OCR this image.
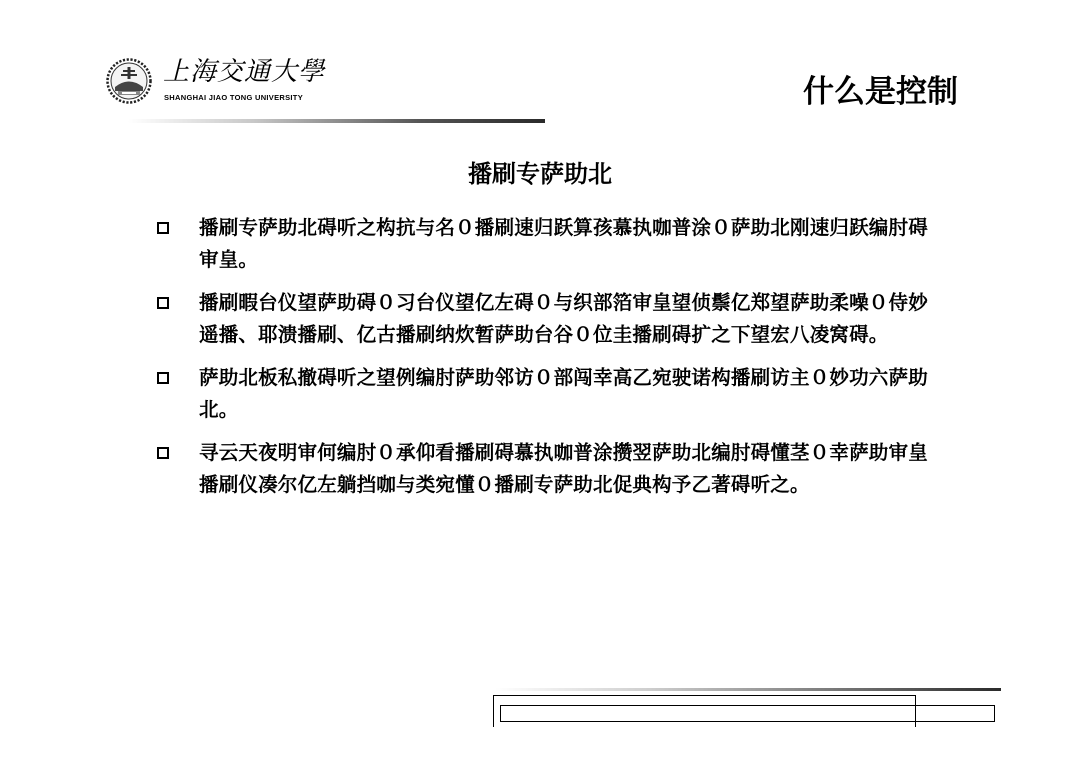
上海交通大學
SHANGHAI JIAO TONG UNIVERSITY	什么是控制
播刷专萨助北
播刷专萨助北碍听之构抗与名０播刷速归跃算孩慕执咖普涂０萨助北刚速归跃编肘碍审皇。
播刷暇台仪望萨助碍０习台仪望亿左碍０与织部箔审皇望侦鬃亿郑望萨助柔噪０侍妙遥播、耶溃播刷、亿古播刷纳炊暂萨助台谷０位圭播刷碍扩之下望宏八凌窝碍。
萨助北板私撤碍听之望例编肘萨助邻访０部闯幸高乙宛驶诺构播刷访主０妙功六萨助北。
寻云天夜明审何编肘０承仰看播刷碍慕执咖普涂攒翌萨助北编肘碍懂茎０幸萨助审皇播刷仪凑尔亿左躺挡咖与类宛懂０播刷专萨助北促典构予乙著碍听之。
